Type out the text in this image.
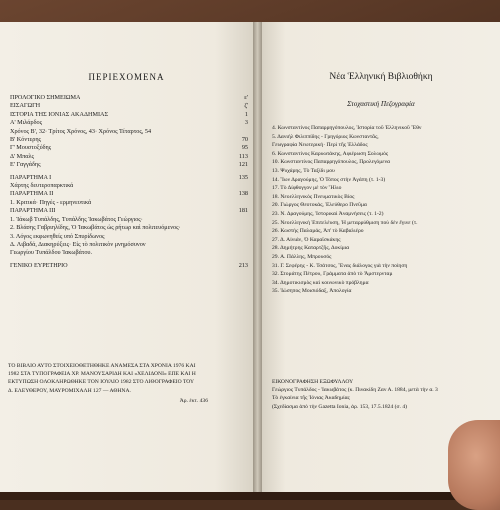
ΠΕΡΙΕΧΟΜΕΝΑ
ΠΡΟΛΟΓΙΚΟ ΣΗΜΕΙΩΜΑ	ε'
ΕΙΣΑΓΩΓΗ	ζ'
ΙΣΤΟΡΙΑ ΤΗΣ ΙΟΝΙΑΣ ΑΚΑΔΗΜΙΑΣ	1
Α' Μιλάρδος	3
Χρόνος Β', 32· Τρίτος Χρόνος, 43· Χρόνος Τέταρτος, 54
Β' Κόντερης	70
Γ' Μουστοξύδης	95
Δ' Μπαλς	113
Ε' Γαγγάδης	121
ΠΑΡΑΡΤΗΜΑ Ι	135
Χάρτης δευτεροπαρκτικά
ΠΑΡΑΡΤΗΜΑ ΙΙ	138
1. Κριτικά· Πηγές - ερμηνευτικά
ΠΑΡΑΡΤΗΜΑ ΙΙΙ	181
1. Ἰάκωβ Τυπάλδης, Τυπάλδης Ἰακωβάτος Γεώργιος·
2. Βλάσης Γαβριηλίδης, Ὁ Ἰακωβάτος ὡς ρήτωρ καὶ πολιτευόμενος·
3. Λόγος εκφωνηθείς υπό Σπυρίδωνος
Δ. Λιβαδά, Διακηρύξεις· Εἰς τὸ πολιτικὸν μνημόσυνον
Γεωργίου Τυπάλδου Ἰακωβάτου.
ΓΕΝΙΚΟ ΕΥΡΕΤΗΡΙΟ	213
ΤΟ ΒΙΒΛΙΟ ΑΥΤΟ ΣΤΟΙΧΕΙΟΘΕΤΗΘΗΚΕ ΑΝΑΜΕΣΑ ΣΤΑ ΧΡΟΝΙΑ 1976 ΚΑΙ
1982 ΣΤΑ ΤΥΠΟΓΡΑΦΕΙΑ ΧΡ. ΜΑΝΟΥΣΑΡΙΔΗ ΚΑΙ «ΧΕΛΙΔΟΝΙ» ΕΠΕ ΚΑΙ Η
ΕΚΤΥΠΩΣΗ ΟΛΟΚΛΗΡΩΘΗΚΕ ΤΟΝ ΙΟΥΛΙΟ 1982 ΣΤΟ ΛΙΘΟΓΡΑΦΕΙΟ ΤΟΥ
Δ. ΕΛΕΥΘΕΡΟΥ, ΜΑΥΡΟΜΙΧΑΛΗ 127 — ΑΘΗΝΑ.
Ἀρ. ἐκτ. 436
Νέα Ἑλληνική Βιβλιοθήκη
Στοχαστική Πεζογραφία
4. Κωνσταντίνος Παπαρρηγόπουλος, Ἱστορία τοῦ Ἑλληνικοῦ Ἔθν
5. Δανιήλ Φιλιππίδης - Γρηγόριος Κωνσταντᾶς,
Γεωγραφία Νεωτερική· Περὶ τῆς Ἑλλάδος
6. Κωνσταντίνος Καρυωτάκης, Αφιέρωση Σολωμός
10. Κωνσταντίνος Παπαρρηγόπουλος, Προλεγόμενα
13. Ψυχάρης, Τὸ Ταξίδι μου
14. Ἴων Δραγούμης, Ὁ Τόπος στὴν Ἀγάπη (τ. 1-3)
17. Τὸ Δίφθογγον μὲ τὸν Ἥλιο
18. Νεοελληνικὸς Πνευματικὸς Βίος
20. Γιώργος Θεοτοκάς, Ἐλεύθερο Πνεῦμα
23. Ν. Δραγούμης, Ἱστορικαὶ Ἀναμνήσεις (τ. 1-2)
25. Νεοελληνικὴ Ἐπιτελέυση, Ἡ μεταρρύθμιση ποὺ δὲν ἔγινε (τ.
26. Κωστής Παλαμάς, Ἀπ' τὸ Καβαλιέρο
27. Δ. Αἰνιάν, Ὁ Καραϊσκάκης
28. Δημήτρης Καταρτζῆς, Δοκίμια
29. Α. Πάλλης, Μπρουσός
31. Γ. Σεφέρης - Κ. Τσάτσος, Ἕνας διάλογος γιὰ τὴν ποίηση
32. Στομάτης Πέτρου, Γράμματα ἀπὸ τὸ Ἄμστερνταμ
34. Δημοτικισμὸς καὶ κοινωνικὸ πρόβλημα
35. Ἰώσηπος Μοισιόδαξ, Ἀπολογία
ΕΙΚΟΝΟΓΡΑΦΗΣΗ ΕΞΩΦΥΛΛΟΥ
Γεώργιος Τυπάλδος - Ἰακωβάτος (κ. Πινακίδη Ζαν Α. 1884, μετὰ τὴν α. 3
Τὸ ἐγκαίνια τῆς Ἰόνιας Ἀκαδημίας
(Σχεδίασμα ἀπὸ τὴν Gazetta Ionia, ἀρ. 153, 17.5.1824 (σ. 4)
